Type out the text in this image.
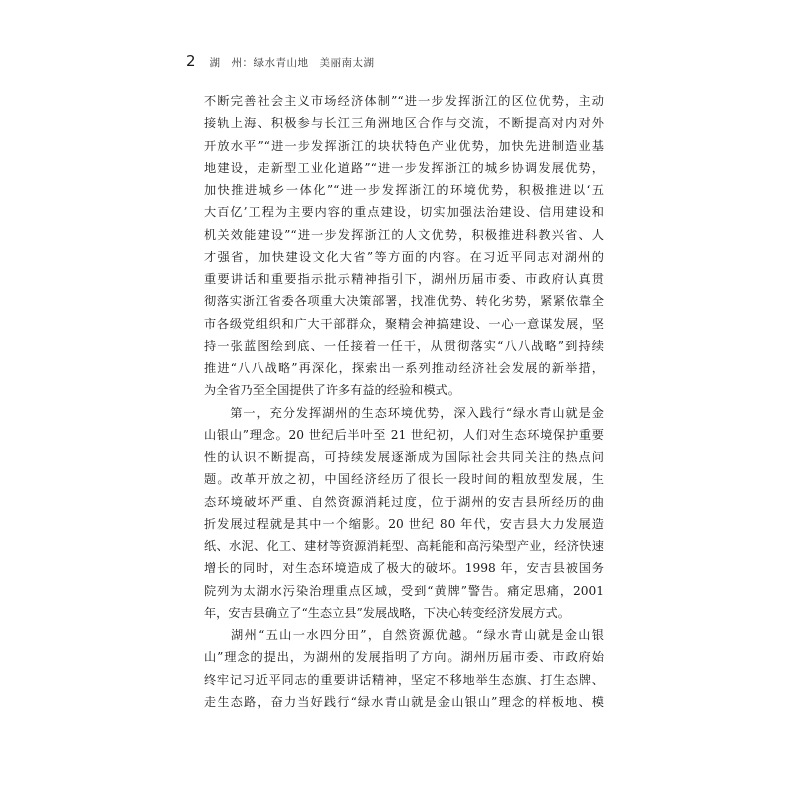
2 湖　州：绿水青山地　美丽南太湖
不断完善社会主义市场经济体制”“进一步发挥浙江的区位优势，主动
接轨上海、积极参与长江三角洲地区合作与交流，不断提高对内对外
开放水平”“进一步发挥浙江的块状特色产业优势，加快先进制造业基
地建设，走新型工业化道路”“进一步发挥浙江的城乡协调发展优势，
加快推进城乡一体化”“进一步发挥浙江的环境优势，积极推进以‘五
大百亿’工程为主要内容的重点建设，切实加强法治建设、信用建设和
机关效能建设”“进一步发挥浙江的人文优势，积极推进科教兴省、人
才强省，加快建设文化大省”等方面的内容。在习近平同志对湖州的
重要讲话和重要指示批示精神指引下，湖州历届市委、市政府认真贯
彻落实浙江省委各项重大决策部署，找准优势、转化劣势，紧紧依靠全
市各级党组织和广大干部群众，聚精会神搞建设、一心一意谋发展，坚
持一张蓝图绘到底、一任接着一任干，从贯彻落实“八八战略”到持续
推进“八八战略”再深化，探索出一系列推动经济社会发展的新举措，
为全省乃至全国提供了许多有益的经验和模式。
　　第一，充分发挥湖州的生态环境优势，深入践行“绿水青山就是金
山银山”理念。20 世纪后半叶至 21 世纪初，人们对生态环境保护重要
性的认识不断提高，可持续发展逐渐成为国际社会共同关注的热点问
题。改革开放之初，中国经济经历了很长一段时间的粗放型发展，生
态环境破坏严重、自然资源消耗过度，位于湖州的安吉县所经历的曲
折发展过程就是其中一个缩影。20 世纪 80 年代，安吉县大力发展造
纸、水泥、化工、建材等资源消耗型、高耗能和高污染型产业，经济快速
增长的同时，对生态环境造成了极大的破坏。1998 年，安吉县被国务
院列为太湖水污染治理重点区域，受到“黄牌”警告。痛定思痛，2001
年，安吉县确立了“生态立县”发展战略，下决心转变经济发展方式。
　　湖州“五山一水四分田”，自然资源优越。“绿水青山就是金山银
山”理念的提出，为湖州的发展指明了方向。湖州历届市委、市政府始
终牢记习近平同志的重要讲话精神，坚定不移地举生态旗、打生态牌、
走生态路，奋力当好践行“绿水青山就是金山银山”理念的样板地、模
